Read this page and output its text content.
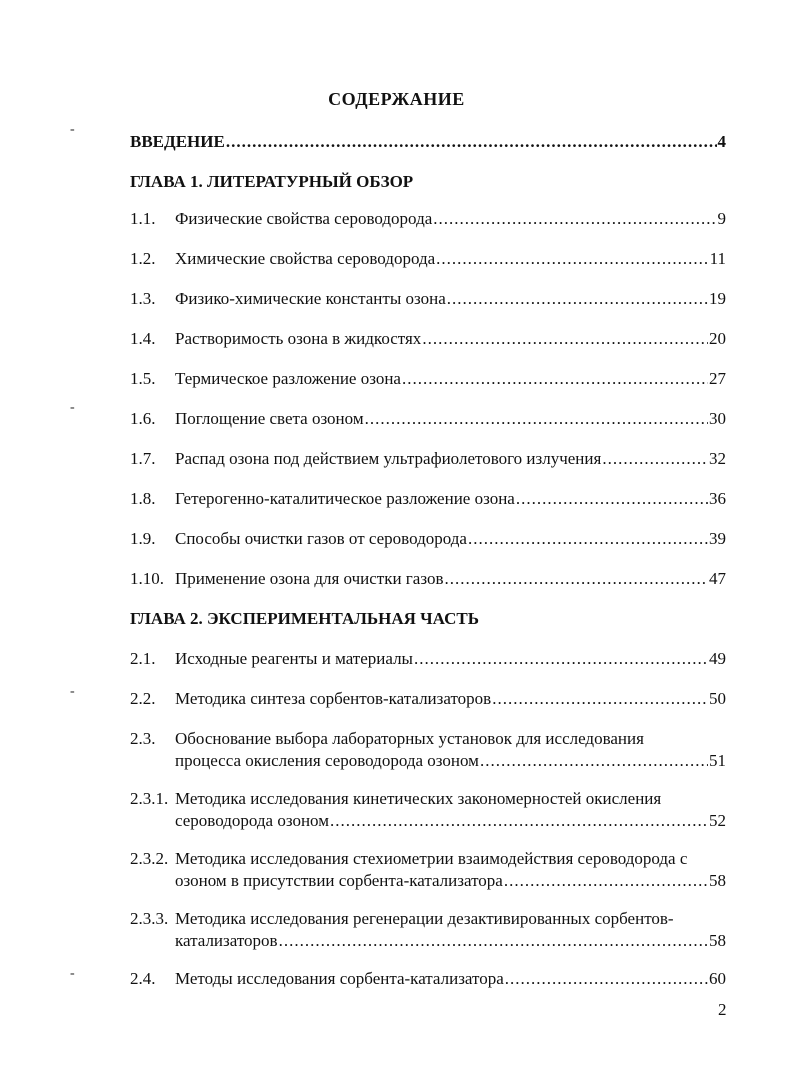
СОДЕРЖАНИЕ
ВВЕДЕНИЕ .....	4
ГЛАВА 1. ЛИТЕРАТУРНЫЙ ОБЗОР
1.1.	Физические свойства сероводорода .....	9
1.2.	Химические свойства сероводорода .....	11
1.3.	Физико-химические константы озона .....	19
1.4.	Растворимость озона в жидкостях .....	20
1.5.	Термическое разложение озона .....	27
1.6.	Поглощение света озоном .....	30
1.7.	Распад озона под действием ультрафиолетового излучения .....	32
1.8.	Гетерогенно-каталитическое разложение озона .....	36
1.9.	Способы очистки газов от сероводорода .....	39
1.10. Применение озона для очистки газов .....	47
ГЛАВА 2. ЭКСПЕРИМЕНТАЛЬНАЯ ЧАСТЬ
2.1.	Исходные реагенты и материалы .....	49
2.2.	Методика синтеза сорбентов-катализаторов .....	50
2.3.	Обоснование выбора лабораторных установок для исследования
процесса окисления сероводорода озоном .....	51
2.3.1. Методика исследования кинетических закономерностей окисления
сероводорода озоном .....	52
2.3.2. Методика исследования стехиометрии взаимодействия сероводорода с
озоном в присутствии сорбента-катализатора .....	58
2.3.3. Методика исследования регенерации дезактивированных сорбентов-
катализаторов .....	58
2.4.	Методы исследования сорбента-катализатора .....	60
2
-
-
-
-
